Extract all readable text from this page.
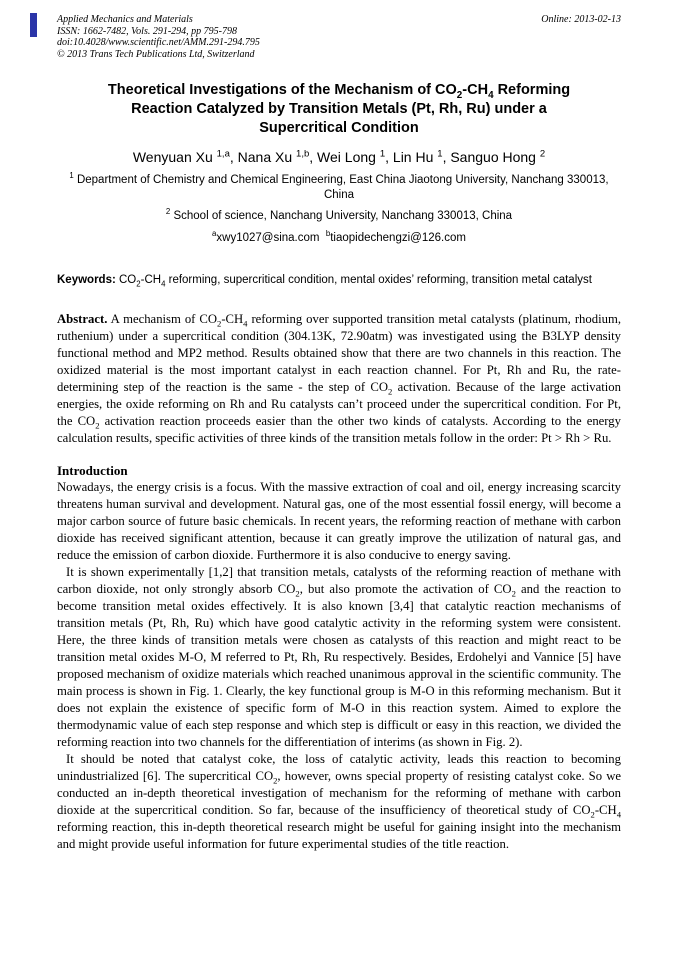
Applied Mechanics and Materials
ISSN: 1662-7482, Vols. 291-294, pp 795-798
doi:10.4028/www.scientific.net/AMM.291-294.795
© 2013 Trans Tech Publications Ltd, Switzerland
Online: 2013-02-13
Theoretical Investigations of the Mechanism of $CO_2-CH_4$ Reforming
Reaction Catalyzed by Transition Metals (Pt, Rh, Ru) under a
Supercritical Condition
Wenyuan Xu $^{1,a}$, Nana Xu $^{1,b}$, Wei Long $^1$, Lin Hu $^1$, Sanguo Hong $^2$
$^1$ Department of Chemistry and Chemical Engineering, East China Jiaotong University, Nanchang 330013, China
$^2$ School of science, Nanchang University, Nanchang 330013, China
$^a$xwy1027@sina.com  $^b$tiaopidechengzi@126.com

Keywords: $CO_2-CH_4$ reforming, supercritical condition, mental oxides’ reforming, transition metal catalyst

Abstract. A mechanism of $CO_2-CH_4$ reforming over supported transition metal catalysts (platinum, rhodium, ruthenium) under a supercritical condition (304.13K, 72.90atm) was investigated using the B3LYP density functional method and MP2 method. Results obtained show that there are two channels in this reaction. The oxidized material is the most important catalyst in each reaction channel. For Pt, Rh and Ru, the rate-determining step of the reaction is the same - the step of $CO_2$ activation. Because of the large activation energies, the oxide reforming on Rh and Ru catalysts can’t proceed under the supercritical condition. For Pt, the $CO_2$ activation reaction proceeds easier than the other two kinds of catalysts. According to the energy calculation results, specific activities of three kinds of the transition metals follow in the order: Pt > Rh > Ru.

Introduction

Nowadays, the energy crisis is a focus. With the massive extraction of coal and oil, energy increasing scarcity threatens human survival and development. Natural gas, one of the most essential fossil energy, will become a major carbon source of future basic chemicals. In recent years, the reforming reaction of methane with carbon dioxide has received significant attention, because it can greatly improve the utilization of natural gas, and reduce the emission of carbon dioxide. Furthermore it is also conducive to energy saving.

It is shown experimentally [1,2] that transition metals, catalysts of the reforming reaction of methane with carbon dioxide, not only strongly absorb $CO_2$, but also promote the activation of $CO_2$ and the reaction to become transition metal oxides effectively. It is also known [3,4] that catalytic reaction mechanisms of transition metals (Pt, Rh, Ru) which have good catalytic activity in the reforming system were consistent. Here, the three kinds of transition metals were chosen as catalysts of this reaction and might react to be transition metal oxides M-O, M referred to Pt, Rh, Ru respectively. Besides, Erdohelyi and Vannice [5] have proposed mechanism of oxidize materials which reached unanimous approval in the scientific community. The main process is shown in Fig. 1. Clearly, the key functional group is M-O in this reforming mechanism. But it does not explain the existence of specific form of M-O in this reaction system. Aimed to explore the thermodynamic value of each step response and which step is difficult or easy in this reaction, we divided the reforming reaction into two channels for the differentiation of interims (as shown in Fig. 2).

It should be noted that catalyst coke, the loss of catalytic activity, leads this reaction to becoming unindustrialized [6]. The supercritical $CO_2$, however, owns special property of resisting catalyst coke. So we conducted an in-depth theoretical investigation of mechanism for the reforming of methane with carbon dioxide at the supercritical condition. So far, because of the insufficiency of theoretical study of $CO_2-CH_4$ reforming reaction, this in-depth theoretical research might be useful for gaining insight into the mechanism and might provide useful information for future experimental studies of the title reaction.
